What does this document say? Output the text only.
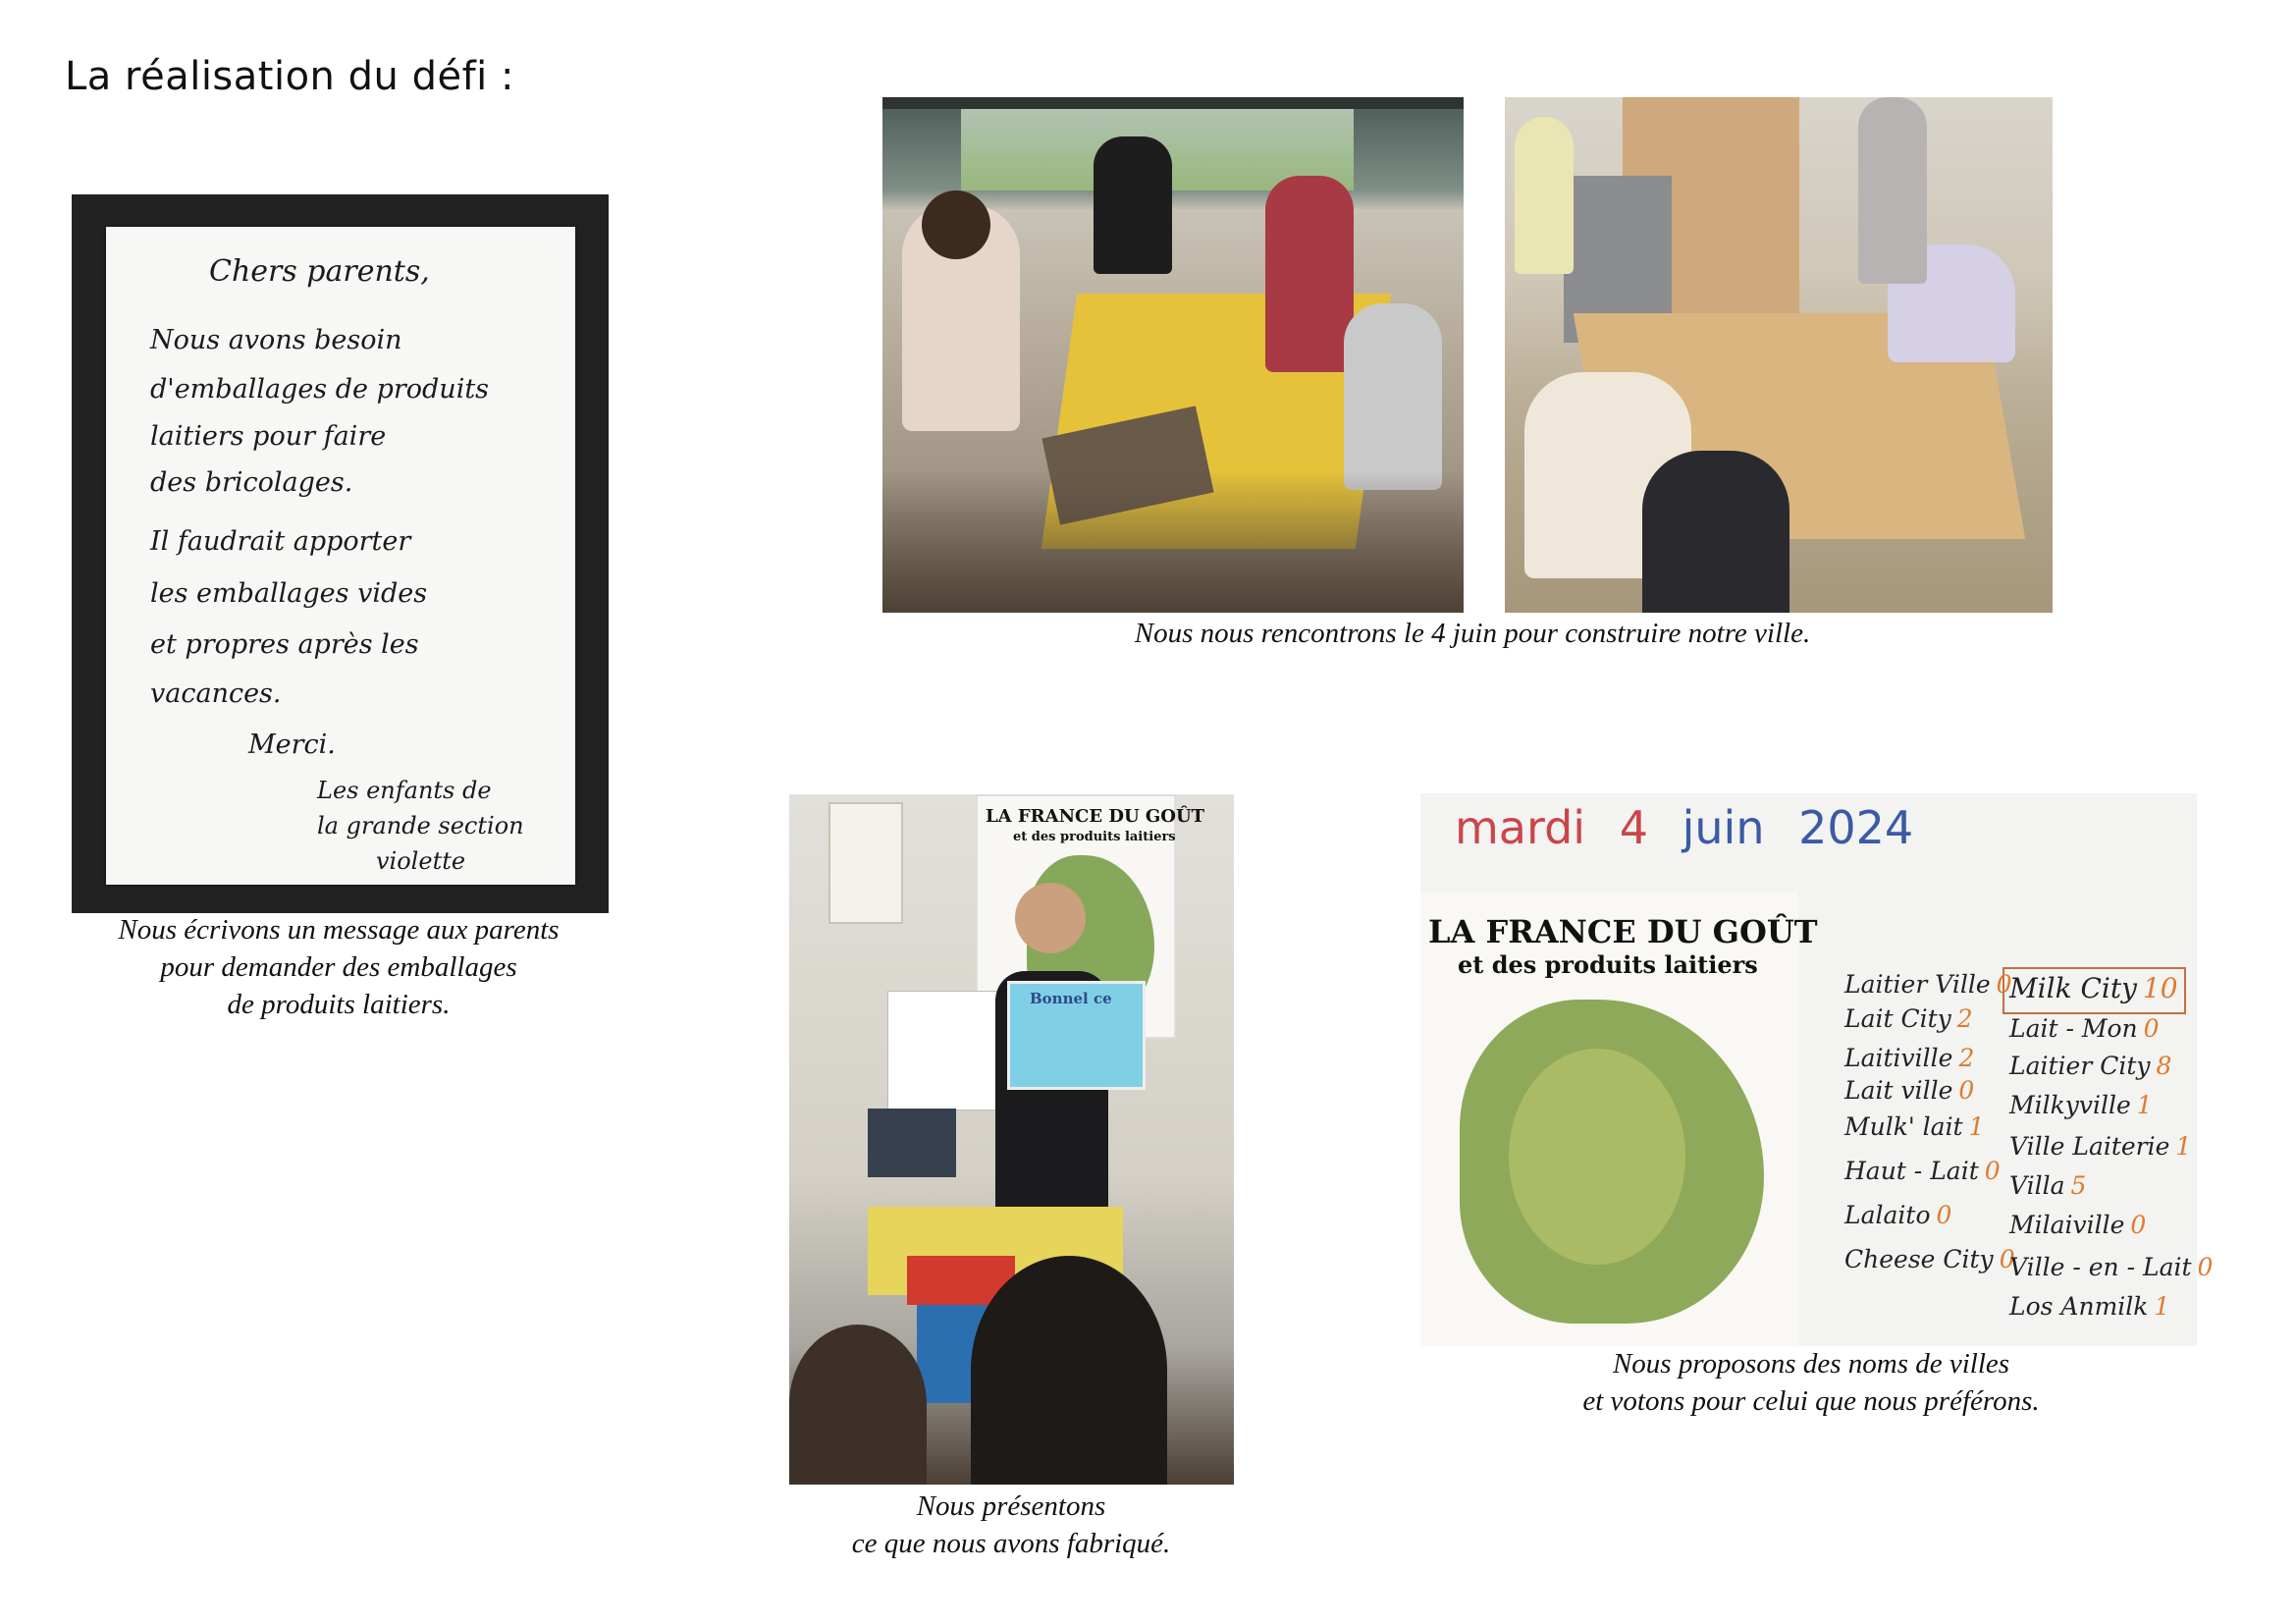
La réalisation du défi :
Chers parents,
Nous avons besoin
d'emballages de produits
laitiers pour faire
des bricolages.
Il faudrait apporter
les emballages vides
et propres après les
vacances.
Merci.
Les enfants de
la grande section
violette
Nous écrivons un message aux parents
pour demander des emballages
de produits laitiers.
Nous nous rencontrons le 4 juin pour construire notre ville.
LA FRANCE DU GOÛT
et des produits laitiers
Bonnel ce
Nous présentons
ce que nous avons fabriqué.
mardi 4 juin 2024
LA FRANCE DU GOÛT
et des produits laitiers
Laitier Ville 0
Lait City 2
Laitiville 2
Lait ville 0
Mulk' lait 1
Haut - Lait 0
Lalaito 0
Cheese City 0
Milk City 10
Lait - Mon 0
Laitier City 8
Milkyville 1
Ville Laiterie 1
Villa 5
Milaiville 0
Ville - en - Lait 0
Los Anmilk 1
Nous proposons des noms de villes
et votons pour celui que nous préférons.
